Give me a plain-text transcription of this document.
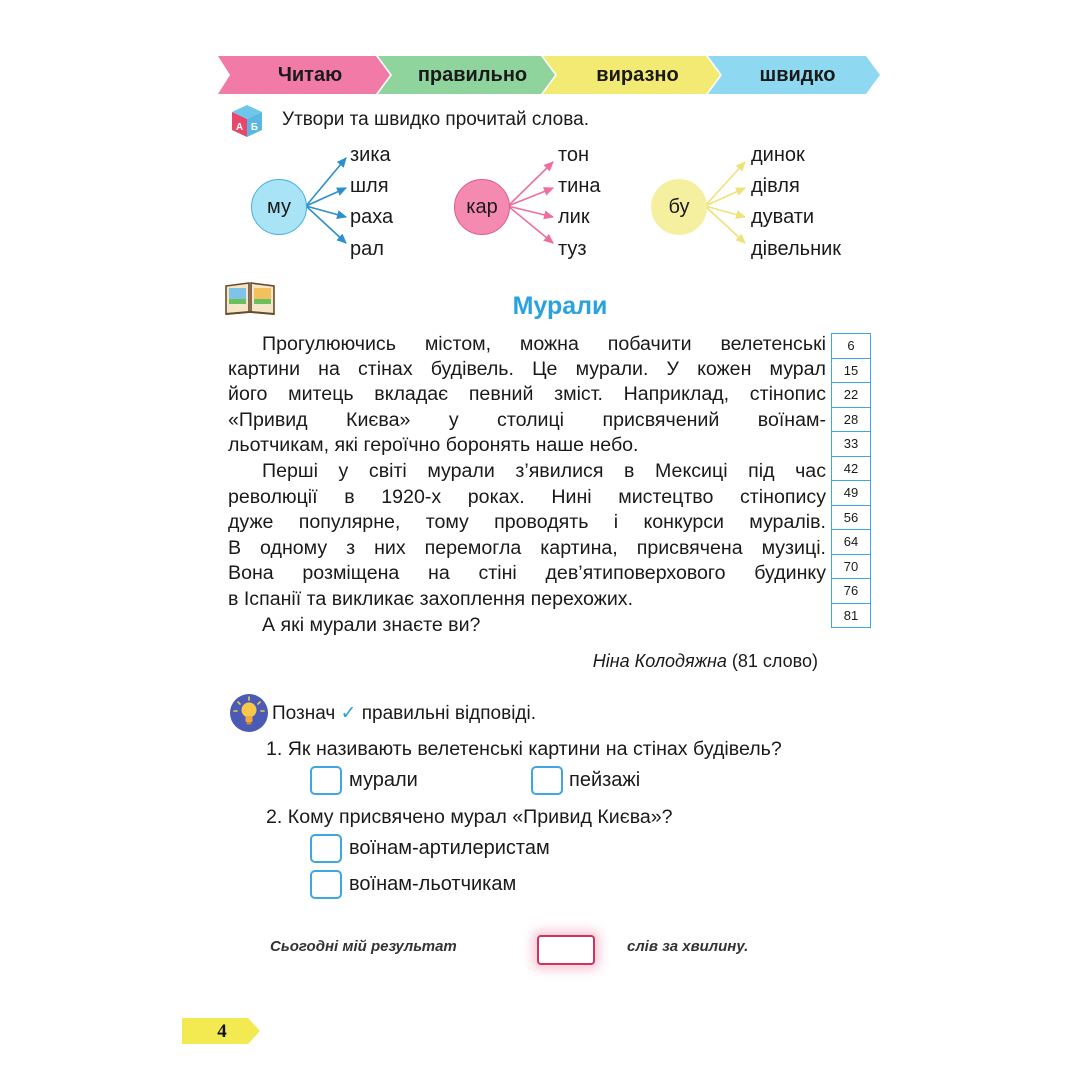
Читаю	правильно	виразно	швидко
А Б Утвори та швидко прочитай слова.
му	кар	бу
зика
шля
раха
рал
тон
тина
лик
туз
динок
дівля
дувати
дівельник
Мурали
Прогулюючись містом, можна побачити велетенські
картини на стінах будівель. Це мурали. У кожен мурал
його митець вкладає певний зміст. Наприклад, стінопис
«Привид Києва» у столиці присвячений воїнам-
льотчикам, які героїчно боронять наше небо.
Перші у світі мурали з’явилися в Мексиці під час
революції в 1920-х роках. Нині мистецтво стінопису
дуже популярне, тому проводять і конкурси муралів.
В одному з них перемогла картина, присвячена музиці.
Вона розміщена на стіні дев’ятиповерхового будинку
в Іспанії та викликає захоплення перехожих.
А які мурали знаєте ви?
6
15
22
28
33
42
49
56
64
70
76
81
Ніна Колодяжна (81 слово)
Познач ✓ правильні відповіді.
1. Як називають велетенські картини на стінах будівель?
мурали	пейзажі
2. Кому присвячено мурал «Привид Києва»?
воїнам-артилеристам
воїнам-льотчикам
Сьогодні мій результат	слів за хвилину.
4
